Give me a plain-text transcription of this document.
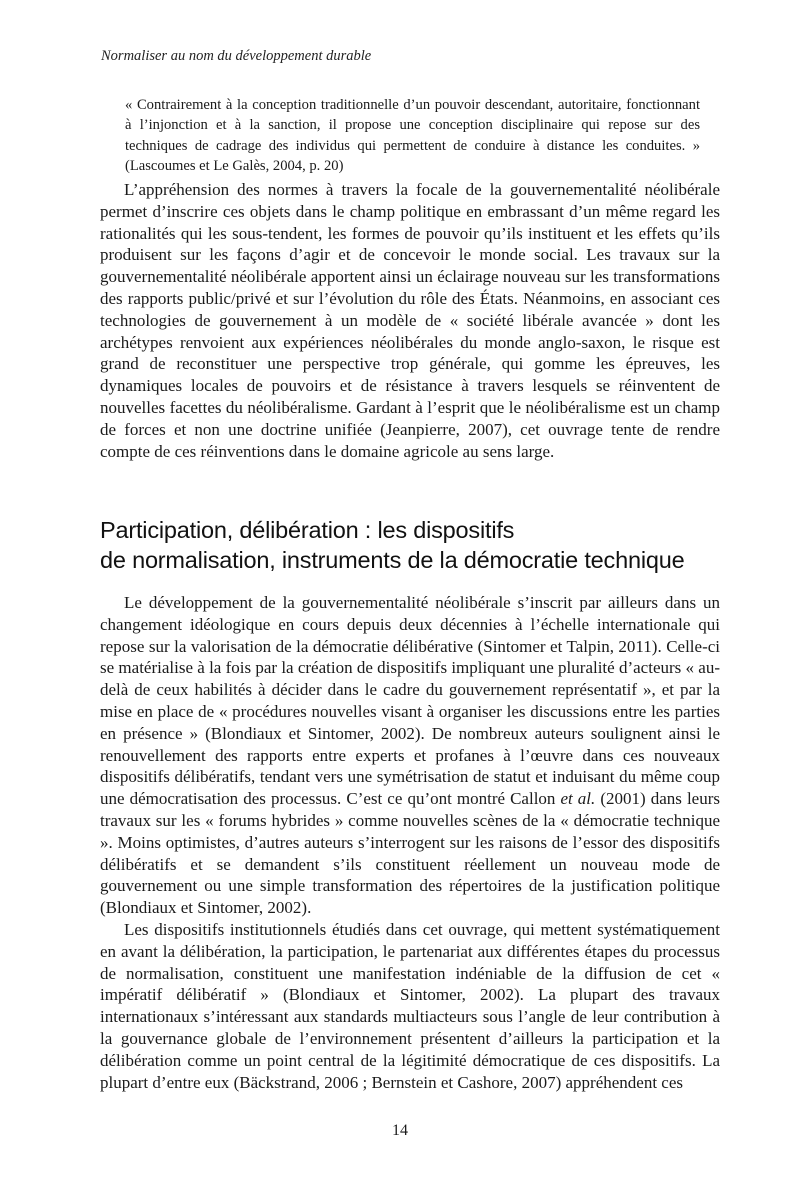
Normaliser au nom du développement durable

« Contrairement à la conception traditionnelle d’un pouvoir descendant, autoritaire, fonctionnant à l’injonction et à la sanction, il propose une conception disciplinaire qui repose sur des techniques de cadrage des individus qui permettent de conduire à distance les conduites. » (Lascoumes et Le Galès, 2004, p. 20)

L’appréhension des normes à travers la focale de la gouvernementalité néolibérale permet d’inscrire ces objets dans le champ politique en embrassant d’un même regard les rationalités qui les sous-tendent, les formes de pouvoir qu’ils instituent et les effets qu’ils produisent sur les façons d’agir et de concevoir le monde social. Les travaux sur la gouvernementalité néolibérale apportent ainsi un éclairage nouveau sur les transformations des rapports public/privé et sur l’évolution du rôle des États. Néanmoins, en associant ces technologies de gouvernement à un modèle de « société libérale avancée » dont les archétypes renvoient aux expériences néolibérales du monde anglo-saxon, le risque est grand de reconstituer une perspective trop générale, qui gomme les épreuves, les dynamiques locales de pouvoirs et de résistance à travers lesquels se réinventent de nouvelles facettes du néolibéralisme. Gardant à l’esprit que le néolibéralisme est un champ de forces et non une doctrine unifiée (Jeanpierre, 2007), cet ouvrage tente de rendre compte de ces réinventions dans le domaine agricole au sens large.

Participation, délibération : les dispositifs
de normalisation, instruments de la démocratie technique

Le développement de la gouvernementalité néolibérale s’inscrit par ailleurs dans un changement idéologique en cours depuis deux décennies à l’échelle internationale qui repose sur la valorisation de la démocratie délibérative (Sintomer et Talpin, 2011). Celle-ci se matérialise à la fois par la création de dispositifs impliquant une pluralité d’acteurs « au-delà de ceux habilités à décider dans le cadre du gouvernement représentatif », et par la mise en place de « procédures nouvelles visant à organiser les discussions entre les parties en présence » (Blondiaux et Sintomer, 2002). De nombreux auteurs soulignent ainsi le renouvellement des rapports entre experts et profanes à l’œuvre dans ces nouveaux dispositifs délibératifs, tendant vers une symétrisation de statut et induisant du même coup une démocratisation des processus. C’est ce qu’ont montré Callon et al. (2001) dans leurs travaux sur les « forums hybrides » comme nouvelles scènes de la « démocratie technique ». Moins optimistes, d’autres auteurs s’interrogent sur les raisons de l’essor des dispositifs délibératifs et se demandent s’ils constituent réellement un nouveau mode de gouvernement ou une simple transformation des répertoires de la justification politique (Blondiaux et Sintomer, 2002).

Les dispositifs institutionnels étudiés dans cet ouvrage, qui mettent systématiquement en avant la délibération, la participation, le partenariat aux différentes étapes du processus de normalisation, constituent une manifestation indéniable de la diffusion de cet « impératif délibératif » (Blondiaux et Sintomer, 2002). La plupart des travaux internationaux s’intéressant aux standards multiacteurs sous l’angle de leur contribution à la gouvernance globale de l’environnement présentent d’ailleurs la participation et la délibération comme un point central de la légitimité démocratique de ces dispositifs. La plupart d’entre eux (Bäckstrand, 2006 ; Bernstein et Cashore, 2007) appréhendent ces

14
